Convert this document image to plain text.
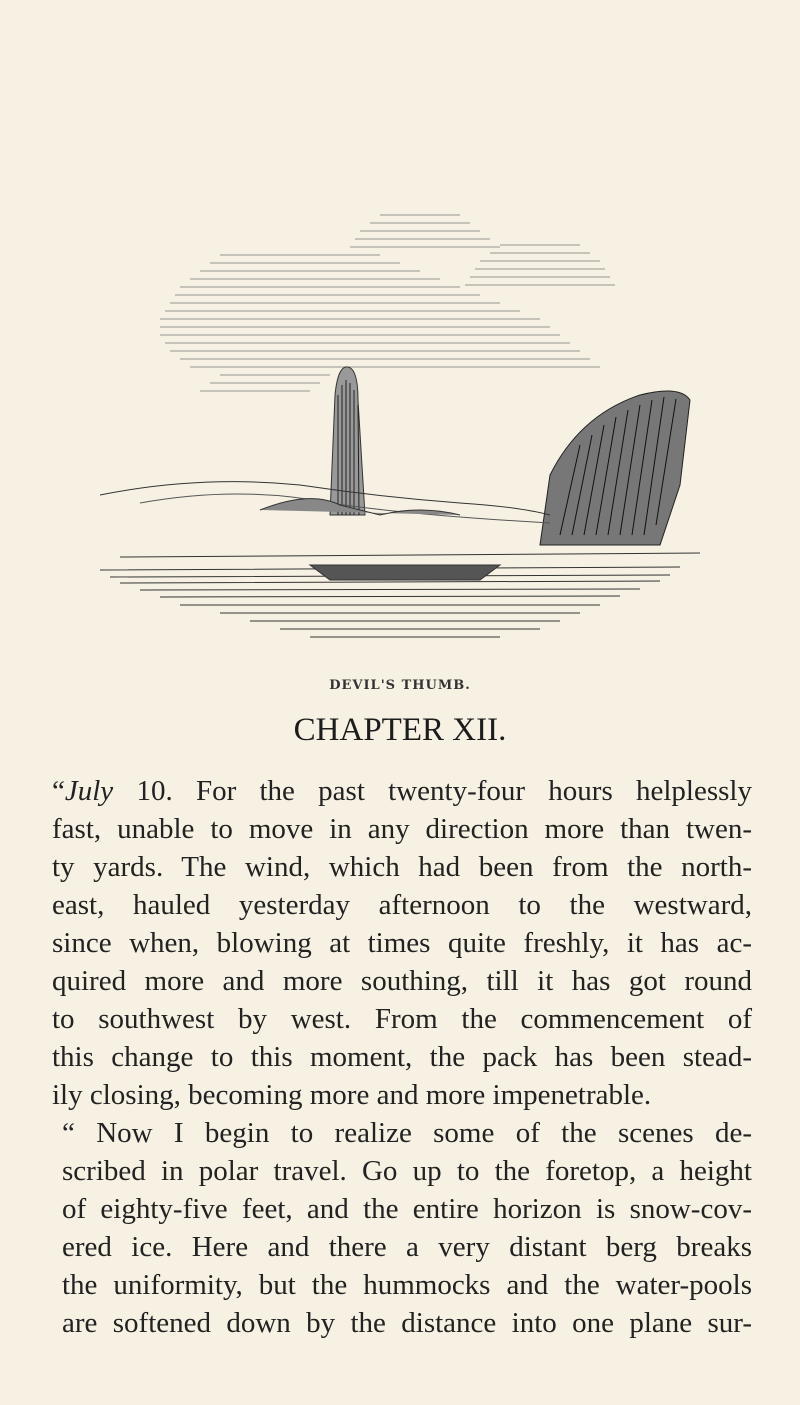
DEVIL'S THUMB.
CHAPTER XII.

“July 10. For the past twenty-four hours helplessly
fast, unable to move in any direction more than twen-
ty yards. The wind, which had been from the north-
east, hauled yesterday afternoon to the westward,
since when, blowing at times quite freshly, it has ac-
quired more and more southing, till it has got round
to southwest by west. From the commencement of
this change to this moment, the pack has been stead-
ily closing, becoming more and more impenetrable.

“ Now I begin to realize some of the scenes de-
scribed in polar travel. Go up to the foretop, a height
of eighty-five feet, and the entire horizon is snow-cov-
ered ice. Here and there a very distant berg breaks
the uniformity, but the hummocks and the water-pools
are softened down by the distance into one plane sur-
